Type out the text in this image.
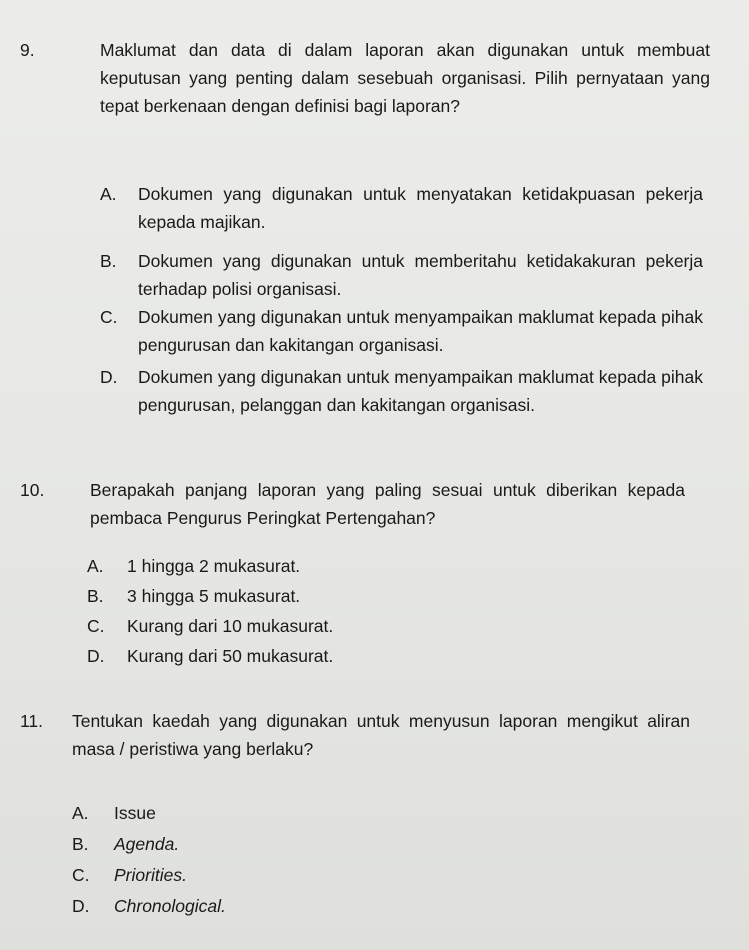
9.	Maklumat dan data di dalam laporan akan digunakan untuk membuat keputusan yang penting dalam sesebuah organisasi. Pilih pernyataan yang tepat berkenaan dengan definisi bagi laporan?
A. Dokumen yang digunakan untuk menyatakan ketidakpuasan pekerja kepada majikan.
B. Dokumen yang digunakan untuk memberitahu ketidakakuran pekerja terhadap polisi organisasi.
C. Dokumen yang digunakan untuk menyampaikan maklumat kepada pihak pengurusan dan kakitangan organisasi.
D. Dokumen yang digunakan untuk menyampaikan maklumat kepada pihak pengurusan, pelanggan dan kakitangan organisasi.
10.	Berapakah panjang laporan yang paling sesuai untuk diberikan kepada pembaca Pengurus Peringkat Pertengahan?
A. 1 hingga 2 mukasurat.
B. 3 hingga 5 mukasurat.
C. Kurang dari 10 mukasurat.
D. Kurang dari 50 mukasurat.
11. Tentukan kaedah yang digunakan untuk menyusun laporan mengikut aliran masa / peristiwa yang berlaku?
A. Issue
B. Agenda.
C. Priorities.
D. Chronological.
